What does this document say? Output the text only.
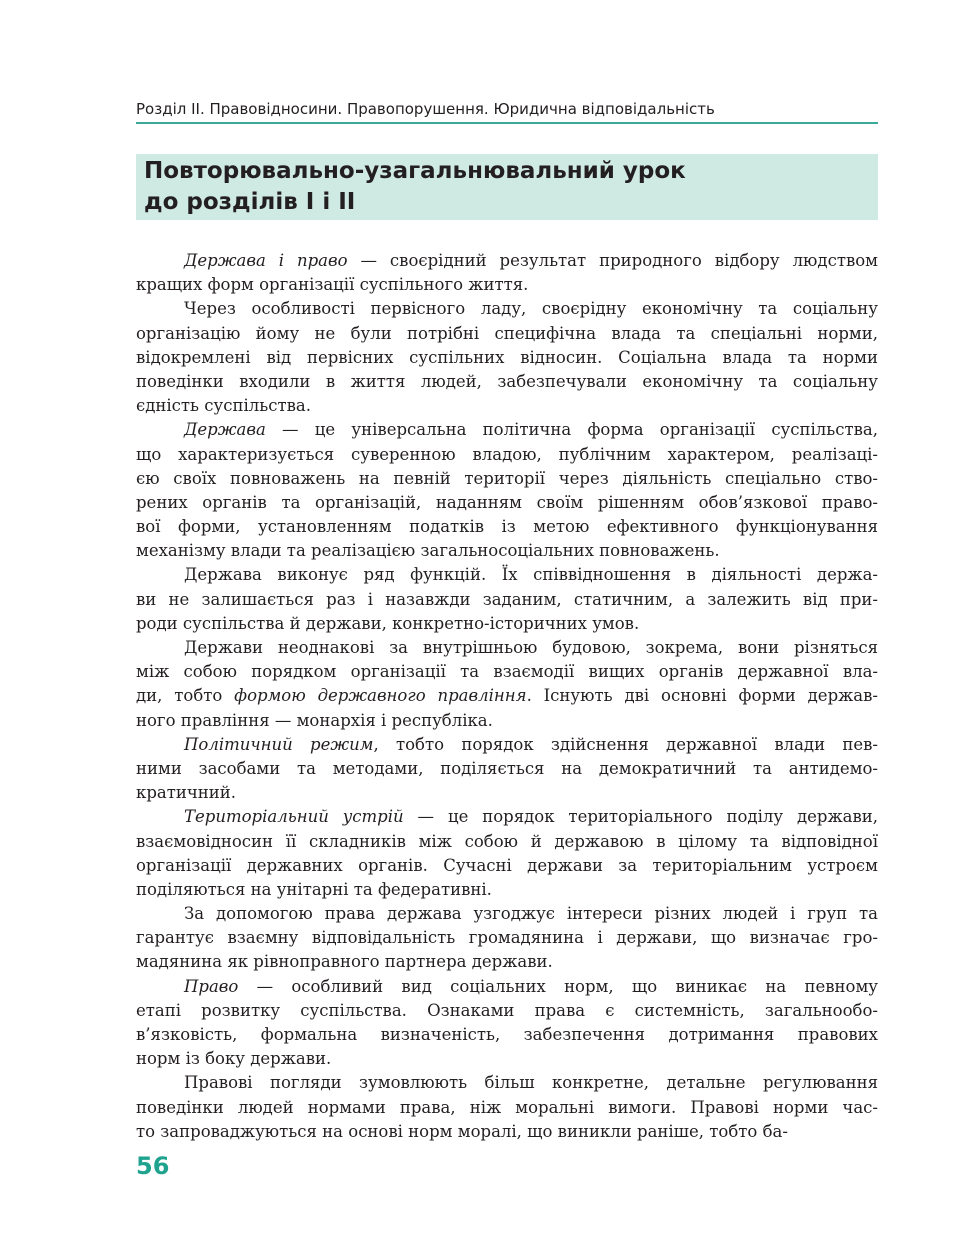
Розділ ІІ. Правовідносини. Правопорушення. Юридична відповідальність
Повторювально-узагальнювальний урок
до розділів І і ІІ
Держава і право — своєрідний результат природного відбору людством
кращих форм організації суспільного життя.
Через особливості первісного ладу, своєрідну економічну та соціальну
організацію йому не були потрібні специфічна влада та спеціальні норми,
відокремлені від первісних суспільних відносин. Соціальна влада та норми
поведінки входили в життя людей, забезпечували економічну та соціальну
єдність суспільства.
Держава — це універсальна політична форма організації суспільства,
що характеризується суверенною владою, публічним характером, реалізаці-
єю своїх повноважень на певній території через діяльність спеціально ство-
рених органів та організацій, наданням своїм рішенням обов’язкової право-
вої форми, установленням податків із метою ефективного функціонування
механізму влади та реалізацією загальносоціальних повноважень.
Держава виконує ряд функцій. Їх співвідношення в діяльності держа-
ви не залишається раз і назавжди заданим, статичним, а залежить від при-
роди суспільства й держави, конкретно-історичних умов.
Держави неоднакові за внутрішньою будовою, зокрема, вони різняться
між собою порядком організації та взаємодії вищих органів державної вла-
ди, тобто формою державного правління. Існують дві основні форми держав-
ного правління — монархія і республіка.
Політичний режим, тобто порядок здійснення державної влади пев-
ними засобами та методами, поділяється на демократичний та антидемо-
кратичний.
Територіальний устрій — це порядок територіального поділу держави,
взаємовідносин її складників між собою й державою в цілому та відповідної
організації державних органів. Сучасні держави за територіальним устроєм
поділяються на унітарні та федеративні.
За допомогою права держава узгоджує інтереси різних людей і груп та
гарантує взаємну відповідальність громадянина і держави, що визначає гро-
мадянина як рівноправного партнера держави.
Право — особливий вид соціальних норм, що виникає на певному
етапі розвитку суспільства. Ознаками права є системність, загальнообо-
в’язковість, формальна визначеність, забезпечення дотримання правових
норм із боку держави.
Правові погляди зумовлюють більш конкретне, детальне регулювання
поведінки людей нормами права, ніж моральні вимоги. Правові норми час-
то запроваджуються на основі норм моралі, що виникли раніше, тобто ба-
56
